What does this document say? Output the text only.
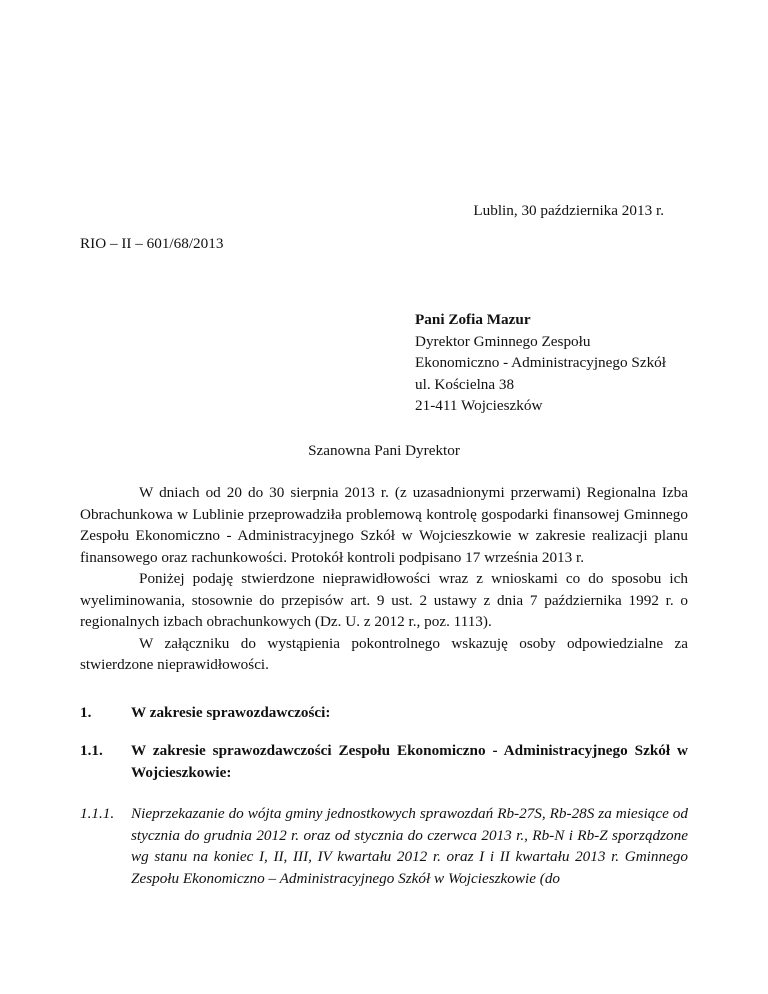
Lublin, 30 października 2013 r.
RIO – II – 601/68/2013
Pani Zofia Mazur
Dyrektor Gminnego Zespołu
Ekonomiczno - Administracyjnego Szkół
ul. Kościelna 38
21-411 Wojcieszków
Szanowna Pani Dyrektor

W dniach od 20 do 30 sierpnia 2013 r. (z uzasadnionymi przerwami) Regionalna Izba Obrachunkowa w Lublinie przeprowadziła problemową kontrolę gospodarki finansowej Gminnego Zespołu Ekonomiczno - Administracyjnego Szkół w Wojcieszkowie w zakresie realizacji planu finansowego oraz rachunkowości. Protokół kontroli podpisano 17 września 2013 r.

Poniżej podaję stwierdzone nieprawidłowości wraz z wnioskami co do sposobu ich wyeliminowania, stosownie do przepisów art. 9 ust. 2 ustawy z dnia 7 października 1992 r. o regionalnych izbach obrachunkowych (Dz. U. z 2012 r., poz. 1113).

W załączniku do wystąpienia pokontrolnego wskazuję osoby odpowiedzialne za stwierdzone nieprawidłowości.

1.	W zakresie sprawozdawczości:
1.1. W zakresie sprawozdawczości Zespołu Ekonomiczno - Administracyjnego Szkół w Wojcieszkowie:
1.1.1. Nieprzekazanie do wójta gminy jednostkowych sprawozdań Rb-27S, Rb-28S za miesiące od stycznia do grudnia 2012 r. oraz od stycznia do czerwca 2013 r., Rb-N i Rb-Z sporządzone wg stanu na koniec I, II, III, IV kwartału 2012 r. oraz I i II kwartału 2013 r. Gminnego Zespołu Ekonomiczno – Administracyjnego Szkół w Wojcieszkowie (do
